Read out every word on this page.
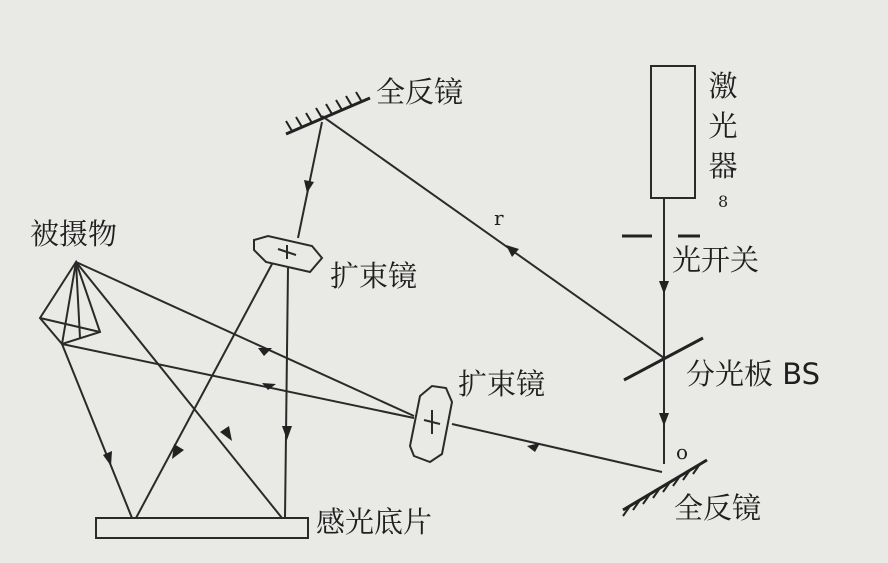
全反镜	激光器
8
光开关
分光板 BS
全反镜
扩束镜
扩束镜
被摄物
感光底片
r
o
